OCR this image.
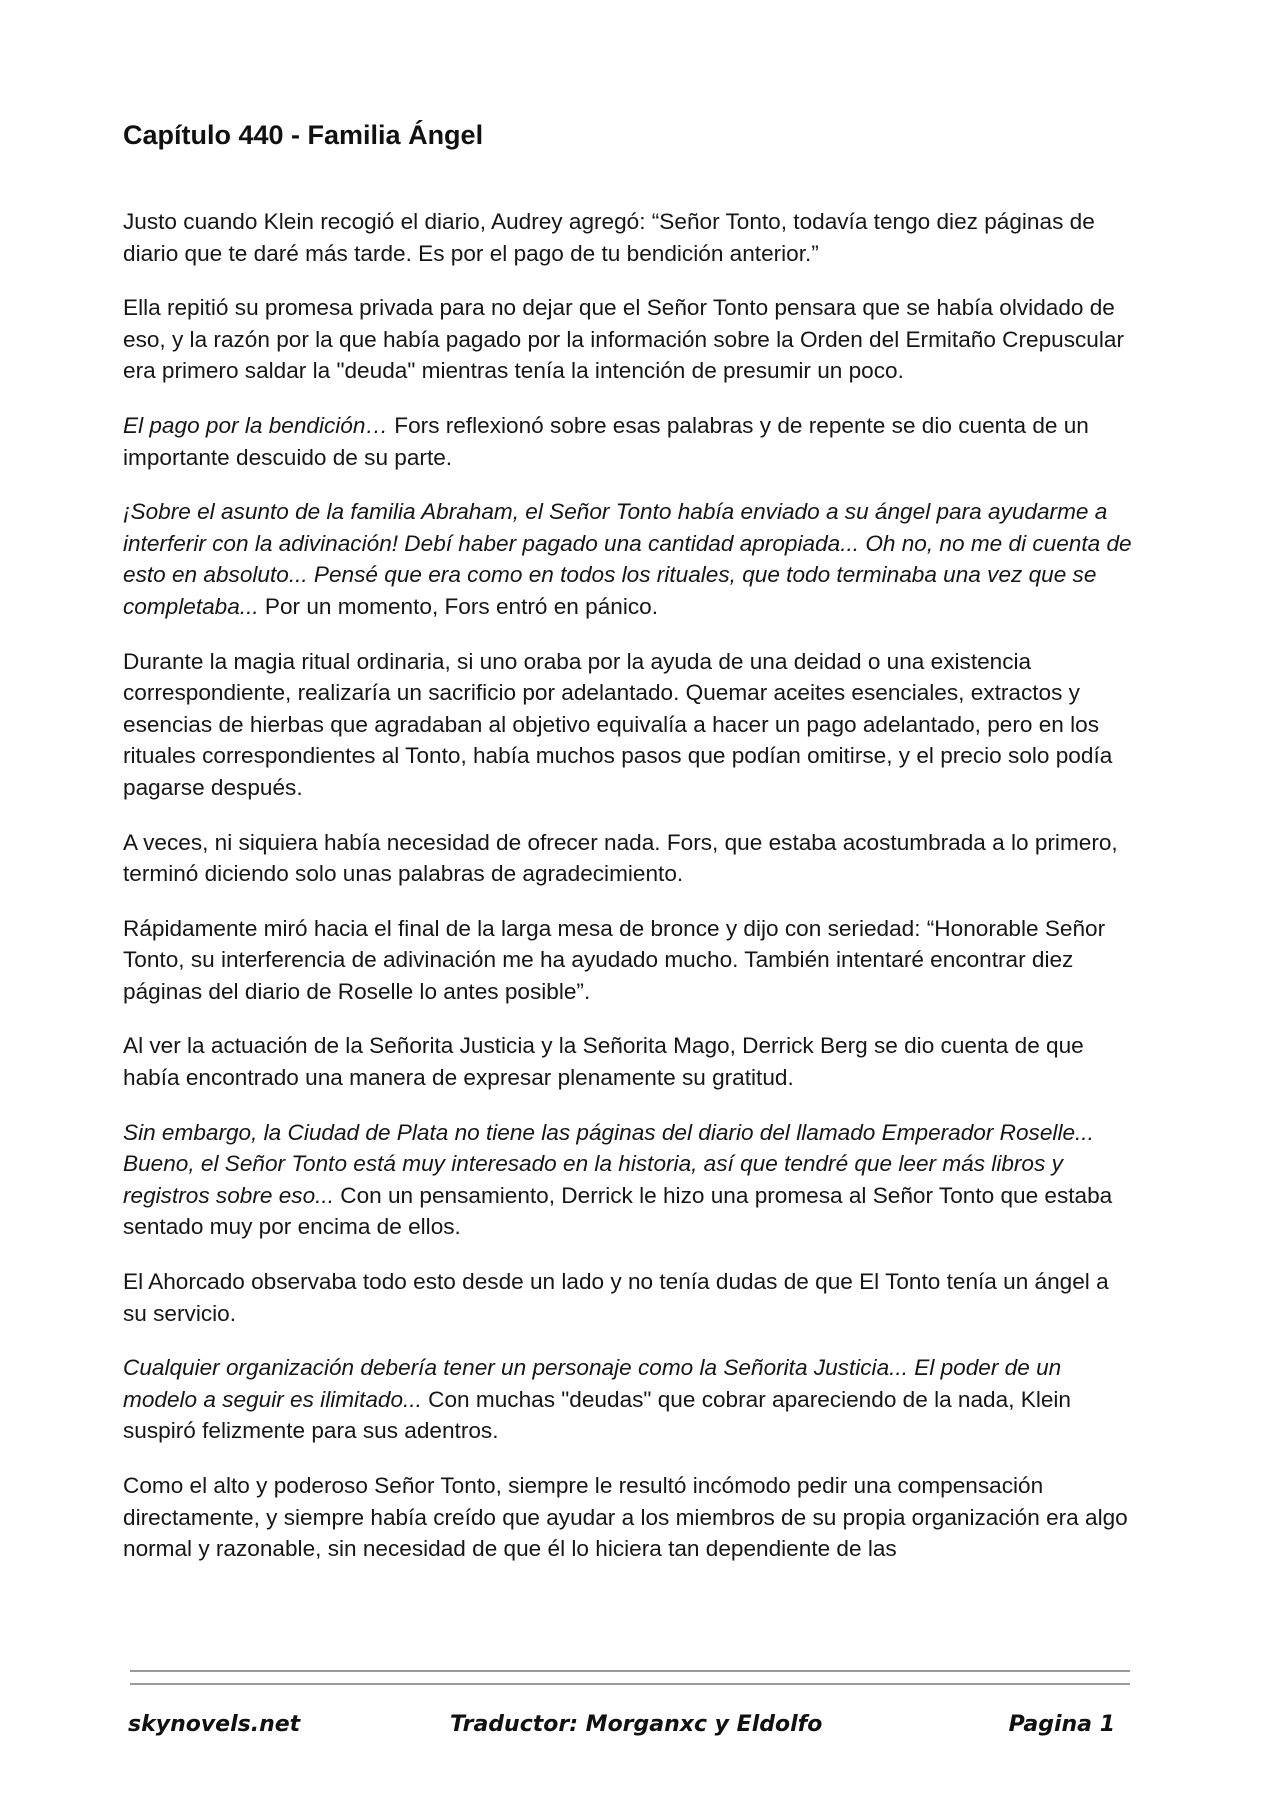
Capítulo 440 - Familia Ángel

Justo cuando Klein recogió el diario, Audrey agregó: “Señor Tonto, todavía tengo diez páginas de diario que te daré más tarde. Es por el pago de tu bendición anterior.”

Ella repitió su promesa privada para no dejar que el Señor Tonto pensara que se había olvidado de eso, y la razón por la que había pagado por la información sobre la Orden del Ermitaño Crepuscular era primero saldar la "deuda" mientras tenía la intención de presumir un poco.

El pago por la bendición… Fors reflexionó sobre esas palabras y de repente se dio cuenta de un importante descuido de su parte.

¡Sobre el asunto de la familia Abraham, el Señor Tonto había enviado a su ángel para ayudarme a interferir con la adivinación! Debí haber pagado una cantidad apropiada... Oh no, no me di cuenta de esto en absoluto... Pensé que era como en todos los rituales, que todo terminaba una vez que se completaba... Por un momento, Fors entró en pánico.

Durante la magia ritual ordinaria, si uno oraba por la ayuda de una deidad o una existencia correspondiente, realizaría un sacrificio por adelantado. Quemar aceites esenciales, extractos y esencias de hierbas que agradaban al objetivo equivalía a hacer un pago adelantado, pero en los rituales correspondientes al Tonto, había muchos pasos que podían omitirse, y el precio solo podía pagarse después.

A veces, ni siquiera había necesidad de ofrecer nada. Fors, que estaba acostumbrada a lo primero, terminó diciendo solo unas palabras de agradecimiento.

Rápidamente miró hacia el final de la larga mesa de bronce y dijo con seriedad: “Honorable Señor Tonto, su interferencia de adivinación me ha ayudado mucho. También intentaré encontrar diez páginas del diario de Roselle lo antes posible”.

Al ver la actuación de la Señorita Justicia y la Señorita Mago, Derrick Berg se dio cuenta de que había encontrado una manera de expresar plenamente su gratitud.

Sin embargo, la Ciudad de Plata no tiene las páginas del diario del llamado Emperador Roselle... Bueno, el Señor Tonto está muy interesado en la historia, así que tendré que leer más libros y registros sobre eso... Con un pensamiento, Derrick le hizo una promesa al Señor Tonto que estaba sentado muy por encima de ellos.

El Ahorcado observaba todo esto desde un lado y no tenía dudas de que El Tonto tenía un ángel a su servicio.

Cualquier organización debería tener un personaje como la Señorita Justicia... El poder de un modelo a seguir es ilimitado... Con muchas "deudas" que cobrar apareciendo de la nada, Klein suspiró felizmente para sus adentros.

Como el alto y poderoso Señor Tonto, siempre le resultó incómodo pedir una compensación directamente, y siempre había creído que ayudar a los miembros de su propia organización era algo normal y razonable, sin necesidad de que él lo hiciera tan dependiente de las

skynovels.net	Traductor: Morganxc y Eldolfo	Pagina 1
